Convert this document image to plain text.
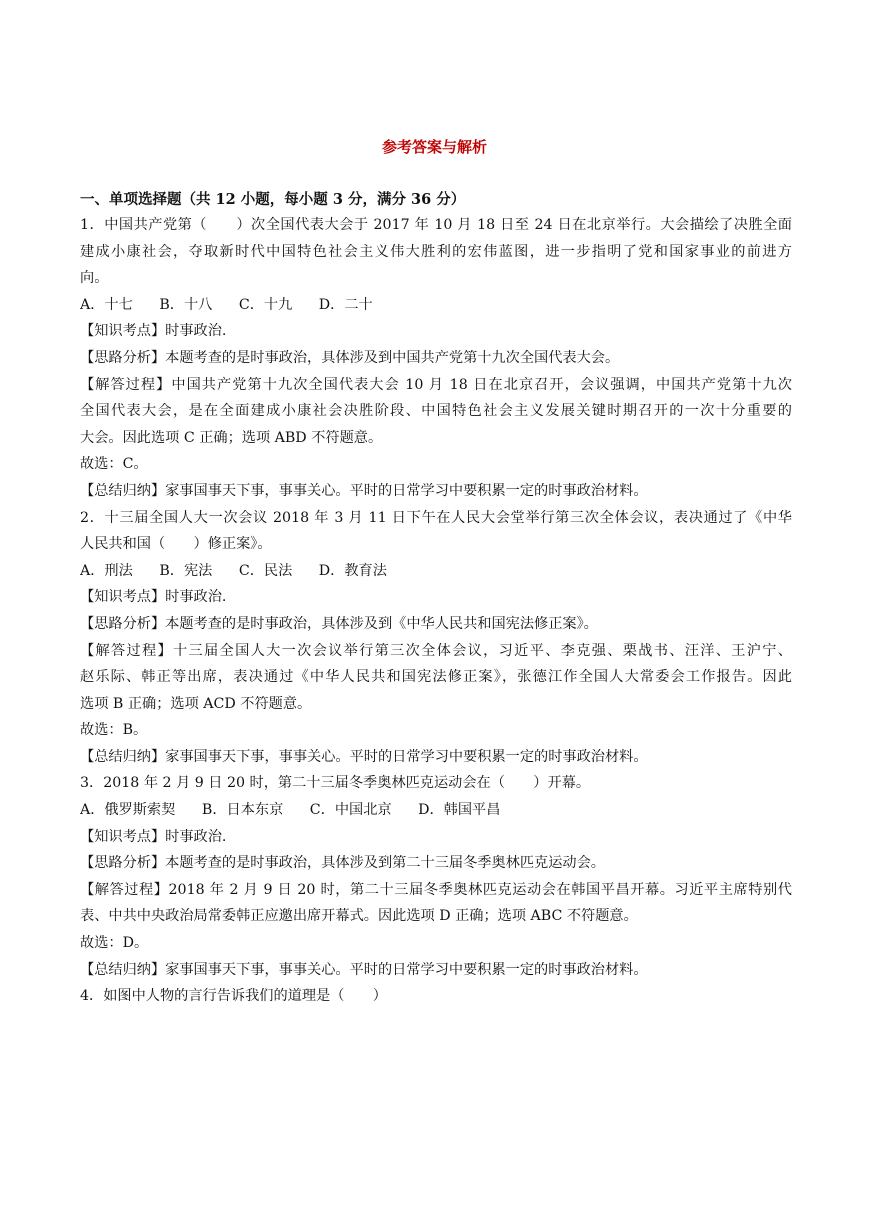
参考答案与解析
一、单项选择题（共 12 小题，每小题 3 分，满分 36 分）
1．中国共产党第（　　）次全国代表大会于 2017 年 10 月 18 日至 24 日在北京举行。大会描绘了决胜全面
建成小康社会，夺取新时代中国特色社会主义伟大胜利的宏伟蓝图，进一步指明了党和国家事业的前进方
向。
A．十七 B．十八 C．十九 D．二十
【知识考点】时事政治.
【思路分析】本题考查的是时事政治，具体涉及到中国共产党第十九次全国代表大会。
【解答过程】中国共产党第十九次全国代表大会 10 月 18 日在北京召开，会议强调，中国共产党第十九次
全国代表大会，是在全面建成小康社会决胜阶段、中国特色社会主义发展关键时期召开的一次十分重要的
大会。因此选项 C 正确；选项 ABD 不符题意。
故选：C。
【总结归纳】家事国事天下事，事事关心。平时的日常学习中要积累一定的时事政治材料。
2．十三届全国人大一次会议 2018 年 3 月 11 日下午在人民大会堂举行第三次全体会议，表决通过了《中华
人民共和国（　　）修正案》。
A．刑法 B．宪法 C．民法 D．教育法
【知识考点】时事政治.
【思路分析】本题考查的是时事政治，具体涉及到《中华人民共和国宪法修正案》。
【解答过程】十三届全国人大一次会议举行第三次全体会议，习近平、李克强、栗战书、汪洋、王沪宁、
赵乐际、韩正等出席，表决通过《中华人民共和国宪法修正案》，张德江作全国人大常委会工作报告。因此
选项 B 正确；选项 ACD 不符题意。
故选：B。
【总结归纳】家事国事天下事，事事关心。平时的日常学习中要积累一定的时事政治材料。
3．2018 年 2 月 9 日 20 时，第二十三届冬季奥林匹克运动会在（　　）开幕。
A．俄罗斯索契 B．日本东京 C．中国北京 D．韩国平昌
【知识考点】时事政治.
【思路分析】本题考查的是时事政治，具体涉及到第二十三届冬季奥林匹克运动会。
【解答过程】2018 年 2 月 9 日 20 时，第二十三届冬季奥林匹克运动会在韩国平昌开幕。习近平主席特别代
表、中共中央政治局常委韩正应邀出席开幕式。因此选项 D 正确；选项 ABC 不符题意。
故选：D。
【总结归纳】家事国事天下事，事事关心。平时的日常学习中要积累一定的时事政治材料。
4．如图中人物的言行告诉我们的道理是（　　）
